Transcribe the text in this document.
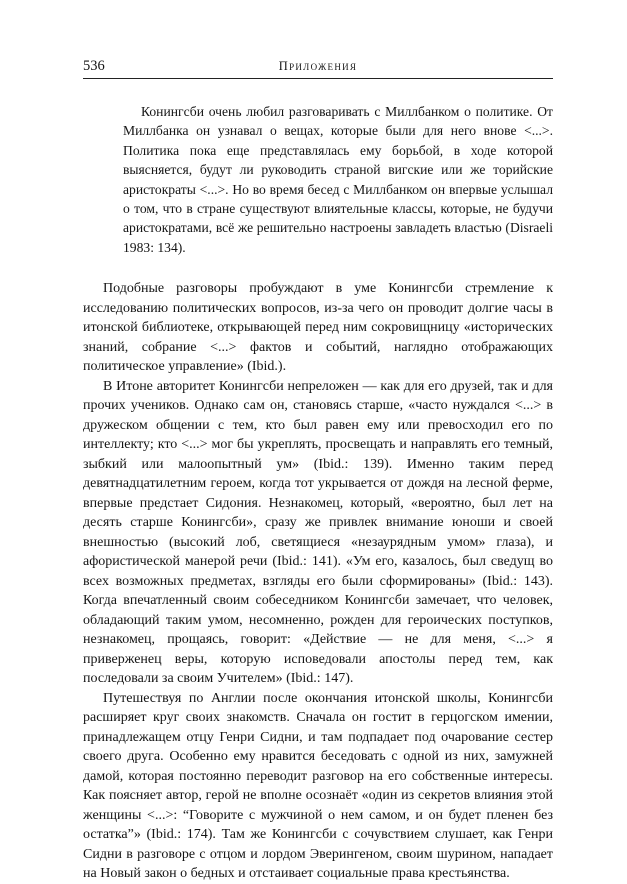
536	Приложения

Конингсби очень любил разговаривать с Миллбанком о политике. От Миллбанка он узнавал о вещах, которые были для него вновe <...>. Политика пока еще представлялась ему борьбой, в ходе которой выясняется, будут ли руководить страной вигские или же торийские аристократы <...>. Но во время бесед с Миллбанком он впервые услышал о том, что в стране существуют влиятельные классы, которые, не будучи аристократами, всё же решительно настроены завладеть властью (Disraeli 1983: 134).

Подобные разговоры пробуждают в уме Конингсби стремление к исследованию политических вопросов, из-за чего он проводит долгие часы в итонской библиотеке, открывающей перед ним сокровищницу «исторических знаний, собрание <...> фактов и событий, наглядно отображающих политическое управление» (Ibid.).

В Итоне авторитет Конингсби непреложен — как для его друзей, так и для прочих учеников. Однако сам он, становясь старше, «часто нуждался <...> в дружеском общении с тем, кто был равен ему или превосходил его по интеллекту; кто <...> мог бы укреплять, просвещать и направлять его темный, зыбкий или малоопытный ум» (Ibid.: 139). Именно таким перед девятнадцатилетним героем, когда тот укрывается от дождя на лесной ферме, впервые предстает Сидония. Незнакомец, который, «вероятно, был лет на десять старше Конингсби», сразу же привлек внимание юноши и своей внешностью (высокий лоб, светящиеся «незаурядным умом» глаза), и афористической манерой речи (Ibid.: 141). «Ум его, казалось, был сведущ во всех возможных предметах, взгляды его были сформированы» (Ibid.: 143). Когда впечатленный своим собеседником Конингсби замечает, что человек, обладающий таким умом, несомненно, рожден для героических поступков, незнакомец, прощаясь, говорит: «Действие — не для меня, <...> я приверженец веры, которую исповедовали апостолы перед тем, как последовали за своим Учителем» (Ibid.: 147).

Путешествуя по Англии после окончания итонской школы, Конингсби расширяет круг своих знакомств. Сначала он гостит в герцогском имении, принадлежащем отцу Генри Сидни, и там подпадает под очарование сестер своего друга. Особенно ему нравится беседовать с одной из них, замужней дамой, которая постоянно переводит разговор на его собственные интересы. Как поясняет автор, герой не вполне осознаёт «один из секретов влияния этой женщины <...>: “Говорите с мужчиной о нем самом, и он будет пленен без остатка”» (Ibid.: 174). Там же Конингсби с сочувствием слушает, как Генри Сидни в разговоре с отцом и лордом Эверингеном, своим шурином, нападает на Новый закон о бедных и отстаивает социальные права крестьянства.
